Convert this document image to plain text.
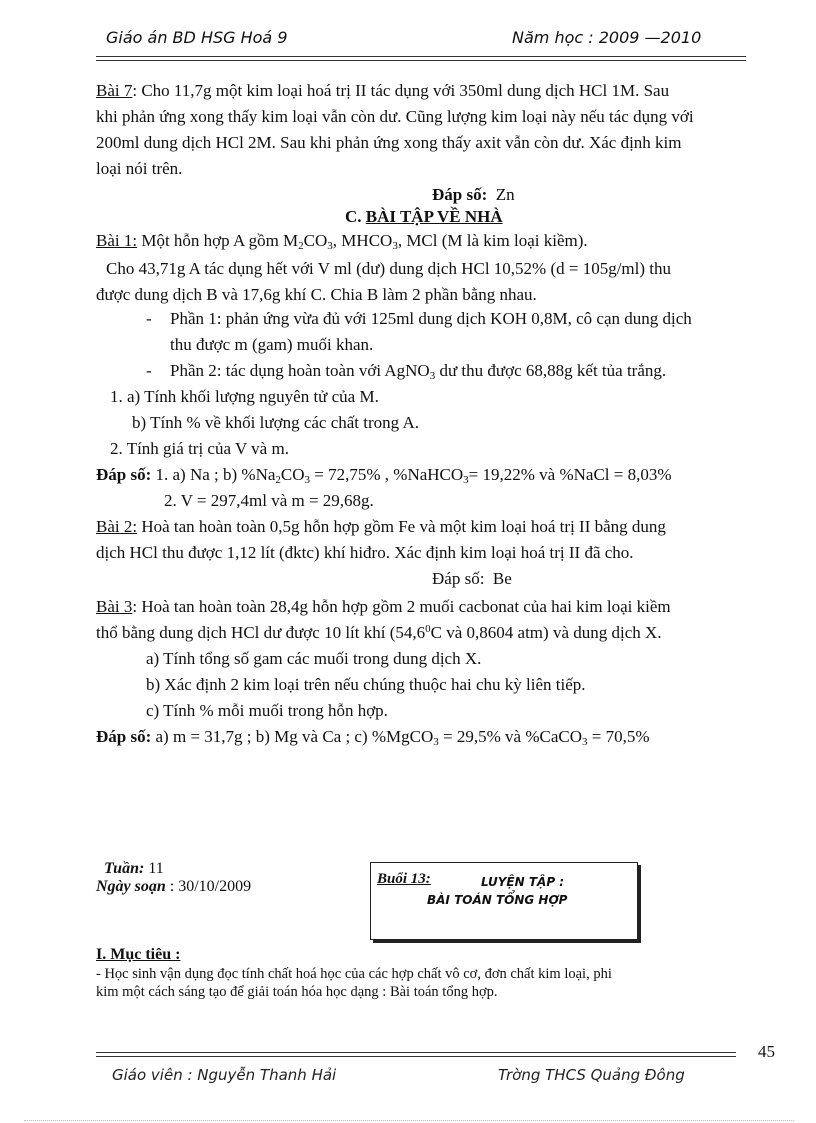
Giáo án BD HSG Hoá 9	Năm học : 2009 —2010
Bài 7: Cho 11,7g một kim loại hoá trị II tác dụng với 350ml dung dịch HCl 1M. Sau
khi phản ứng xong thấy kim loại vẫn còn dư. Cũng lượng kim loại này nếu tác dụng với
200ml dung dịch HCl 2M. Sau khi phản ứng xong thấy axit vẫn còn dư. Xác định kim
loại nói trên.
Đáp số: Zn
C. BÀI TẬP VỀ NHÀ
Bài 1: Một hỗn hợp A gồm $M_2CO_3$, $MHCO_3$, MCl (M là kim loại kiềm).
Cho 43,71g A tác dụng hết với V ml (dư) dung dịch HCl 10,52% (d = 105g/ml) thu
được dung dịch B và 17,6g khí C. Chia B làm 2 phần bằng nhau.
- Phần 1: phản ứng vừa đủ với 125ml dung dịch KOH 0,8M, cô cạn dung dịch
thu được m (gam) muối khan.
- Phần 2: tác dụng hoàn toàn với AgNO$_3$ dư thu được 68,88g kết tủa trắng.
1. a) Tính khối lượng nguyên tử của M.
b) Tính % về khối lượng các chất trong A.
2. Tính giá trị của V và m.
Đáp số: 1. a) Na ; b) $\%Na_2CO_3 = 72,75\%$ , %NaHCO$_3$= 19,22% và %NaCl = 8,03%
2. V = 297,4ml và m = 29,68g.
Bài 2: Hoà tan hoàn toàn 0,5g hỗn hợp gồm Fe và một kim loại hoá trị II bằng dung
dịch HCl thu được 1,12 lít (đktc) khí hiđro. Xác định kim loại hoá trị II đã cho.
Đáp số: Be
Bài 3: Hoà tan hoàn toàn 28,4g hỗn hợp gồm 2 muối cacbonat của hai kim loại kiềm
thổ bằng dung dịch HCl dư được 10 lít khí (54,6$^0$C và 0,8604 atm) và dung dịch X.
a) Tính tổng số gam các muối trong dung dịch X.
b) Xác định 2 kim loại trên nếu chúng thuộc hai chu kỳ liên tiếp.
c) Tính % mỗi muối trong hỗn hợp.
Đáp số: a) m = 31,7g ; b) Mg và Ca ; c) %MgCO$_3$ = 29,5% và %CaCO$_3$ = 70,5%
Tuần: 11
Ngày soạn : 30/10/2009	Buổi 13:	LUYỆN TẬP :
BÀI TOÁN TỔNG HỢP
I. Mục tiêu :
- Học sinh vận dụng đọc tính chất hoá học của các hợp chất vô cơ, đơn chất kim loại, phi
kim một cách sáng tạo để giải toán hóa học dạng : Bài toán tổng hợp.
45
Giáo viên : Nguyễn Thanh Hải	Trờng THCS Quảng Đông
